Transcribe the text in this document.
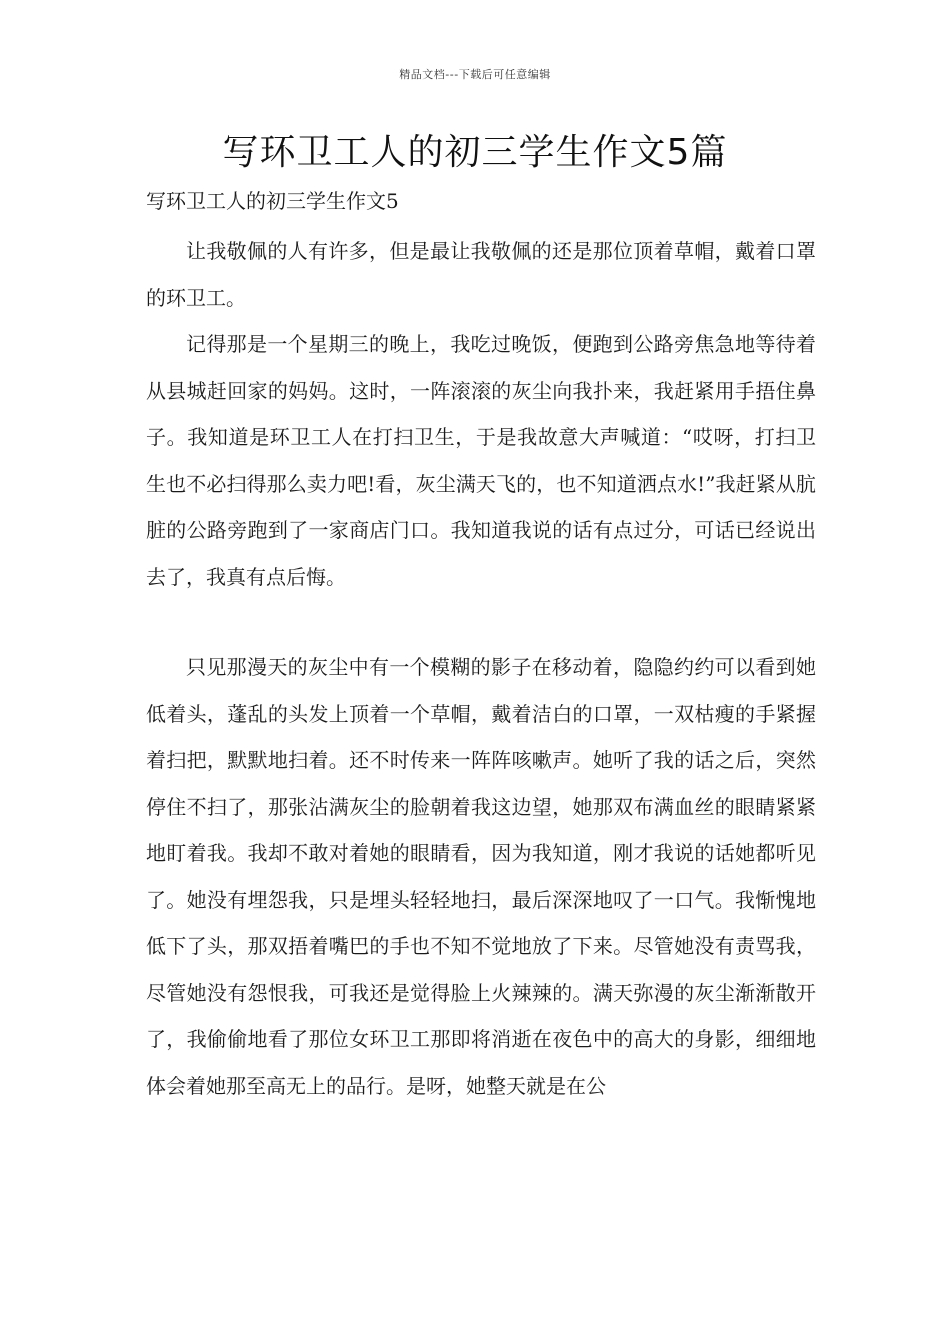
精品文档---下载后可任意编辑
写环卫工人的初三学生作文5篇
写环卫工人的初三学生作文5

让我敬佩的人有许多，但是最让我敬佩的还是那位顶着草帽，戴着口罩的环卫工。

记得那是一个星期三的晚上，我吃过晚饭，便跑到公路旁焦急地等待着从县城赶回家的妈妈。这时，一阵滚滚的灰尘向我扑来，我赶紧用手捂住鼻子。我知道是环卫工人在打扫卫生，于是我故意大声喊道：“哎呀，打扫卫生也不必扫得那么卖力吧!看，灰尘满天飞的，也不知道洒点水!”我赶紧从肮脏的公路旁跑到了一家商店门口。我知道我说的话有点过分，可话已经说出去了，我真有点后悔。

只见那漫天的灰尘中有一个模糊的影子在移动着，隐隐约约可以看到她低着头，蓬乱的头发上顶着一个草帽，戴着洁白的口罩，一双枯瘦的手紧握着扫把，默默地扫着。还不时传来一阵阵咳嗽声。她听了我的话之后，突然停住不扫了，那张沾满灰尘的脸朝着我这边望，她那双布满血丝的眼睛紧紧地盯着我。我却不敢对着她的眼睛看，因为我知道，刚才我说的话她都听见了。她没有埋怨我，只是埋头轻轻地扫，最后深深地叹了一口气。我惭愧地低下了头，那双捂着嘴巴的手也不知不觉地放了下来。尽管她没有责骂我，尽管她没有怨恨我，可我还是觉得脸上火辣辣的。满天弥漫的灰尘渐渐散开了，我偷偷地看了那位女环卫工那即将消逝在夜色中的高大的身影，细细地体会着她那至高无上的品行。是呀，她整天就是在公
